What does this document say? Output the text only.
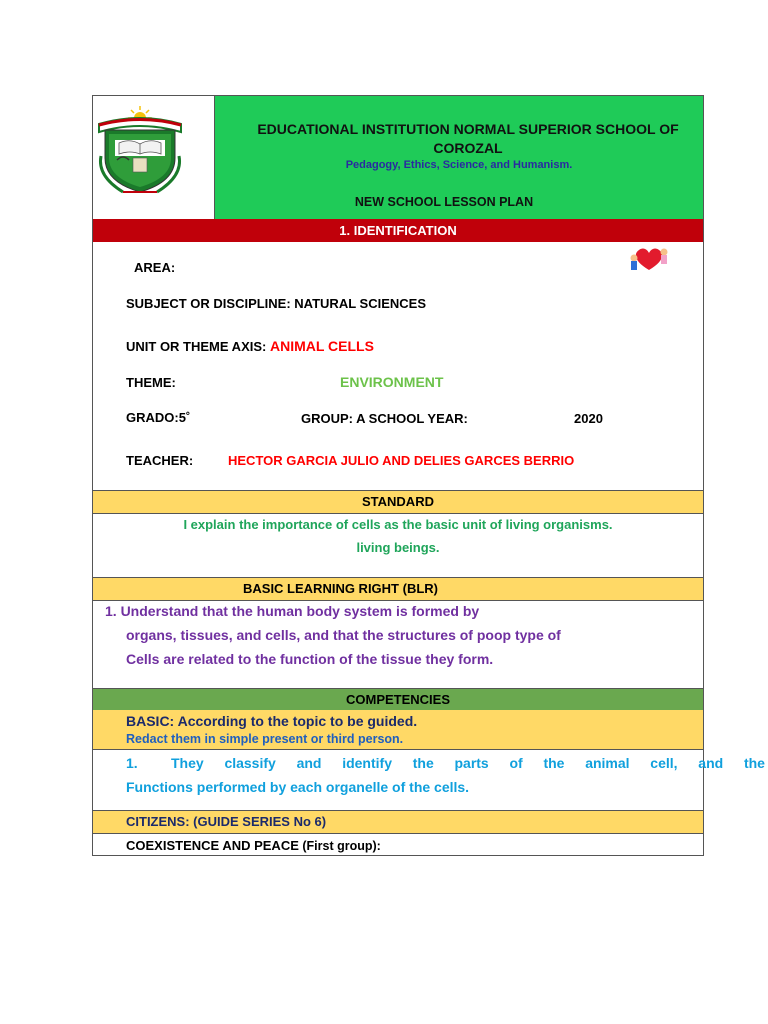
EDUCATIONAL INSTITUTION NORMAL SUPERIOR SCHOOL OF
COROZAL
Pedagogy, Ethics, Science, and Humanism.
NEW SCHOOL LESSON PLAN
1. IDENTIFICATION
AREA:
SUBJECT OR DISCIPLINE: NATURAL SCIENCES
UNIT OR THEME AXIS: ANIMAL CELLS
THEME:	ENVIRONMENT
GRADO:5˚	GROUP: A SCHOOL YEAR:	2020
TEACHER:	HECTOR GARCIA JULIO AND DELIES GARCES BERRIO
STANDARD
I explain the importance of cells as the basic unit of living organisms.
living beings.
BASIC LEARNING RIGHT (BLR)
1. Understand that the human body system is formed by
organs, tissues, and cells, and that the structures of poop type of
Cells are related to the function of the tissue they form.
COMPETENCIES
BASIC: According to the topic to be guided.
Redact them in simple present or third person.
1. They classify and identify the parts of the animal cell, and the
Functions performed by each organelle of the cells.
CITIZENS: (GUIDE SERIES No 6)
COEXISTENCE AND PEACE (First group):
